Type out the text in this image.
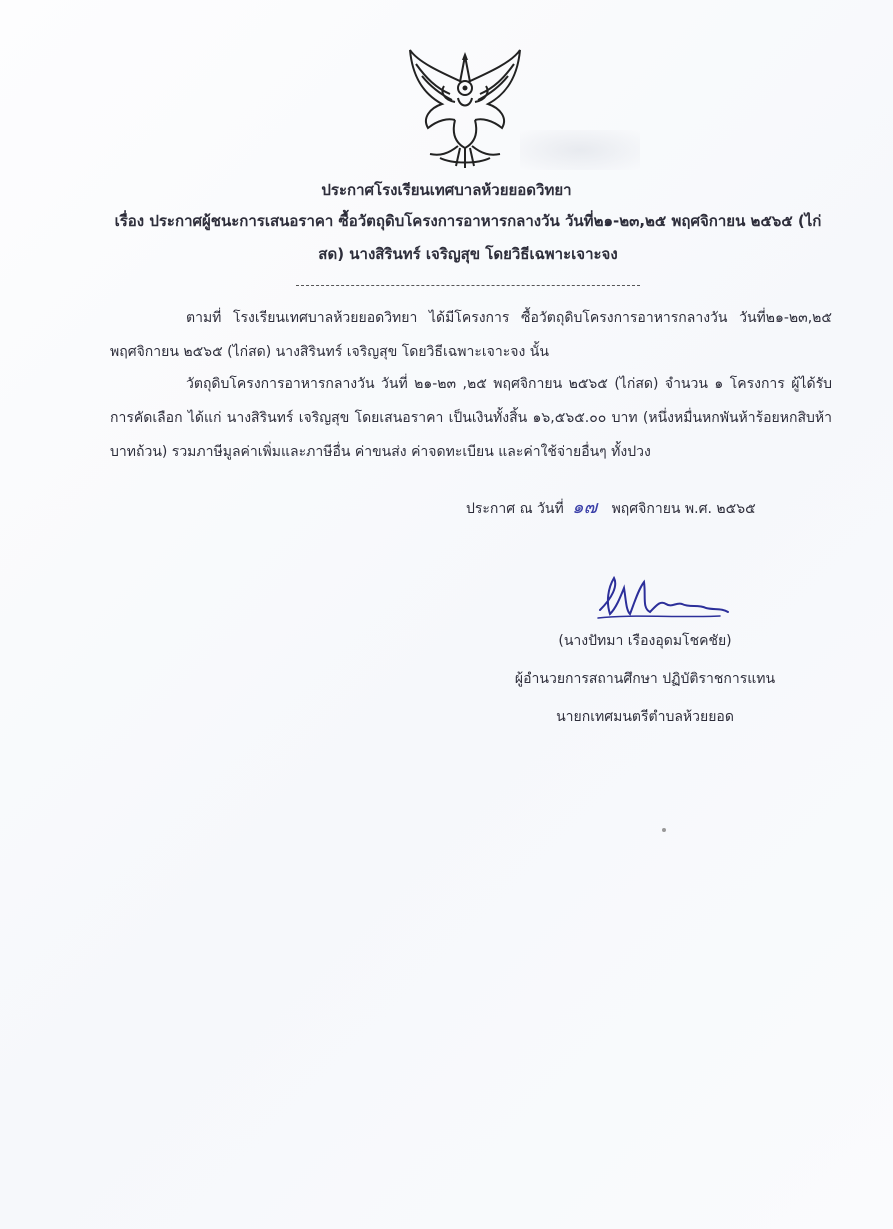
ประกาศโรงเรียนเทศบาลห้วยยอดวิทยา
เรื่อง ประกาศผู้ชนะการเสนอราคา ซื้อวัตถุดิบโครงการอาหารกลางวัน วันที่๒๑-๒๓,๒๕ พฤศจิกายน ๒๕๖๕ (ไก่สด) นางสิรินทร์ เจริญสุข โดยวิธีเฉพาะเจาะจง
ตามที่ โรงเรียนเทศบาลห้วยยอดวิทยา ได้มีโครงการ ซื้อวัตถุดิบโครงการอาหารกลางวัน วันที่๒๑-๒๓,๒๕ พฤศจิกายน ๒๕๖๕ (ไก่สด) นางสิรินทร์ เจริญสุข โดยวิธีเฉพาะเจาะจง นั้น
วัตถุดิบโครงการอาหารกลางวัน วันที่ ๒๑-๒๓ ,๒๕ พฤศจิกายน ๒๕๖๕ (ไก่สด) จำนวน ๑ โครงการ ผู้ได้รับการคัดเลือก ได้แก่ นางสิรินทร์ เจริญสุข โดยเสนอราคา เป็นเงินทั้งสิ้น ๑๖,๕๖๕.๐๐ บาท (หนึ่งหมื่นหกพันห้าร้อยหกสิบห้าบาทถ้วน) รวมภาษีมูลค่าเพิ่มและภาษีอื่น ค่าขนส่ง ค่าจดทะเบียน และค่าใช้จ่ายอื่นๆ ทั้งปวง
ประกาศ ณ วันที่ ๑๗ พฤศจิกายน พ.ศ. ๒๕๖๕
(นางปัทมา เรืองอุดมโชคชัย)
ผู้อำนวยการสถานศึกษา ปฏิบัติราชการแทน
นายกเทศมนตรีตำบลห้วยยอด
